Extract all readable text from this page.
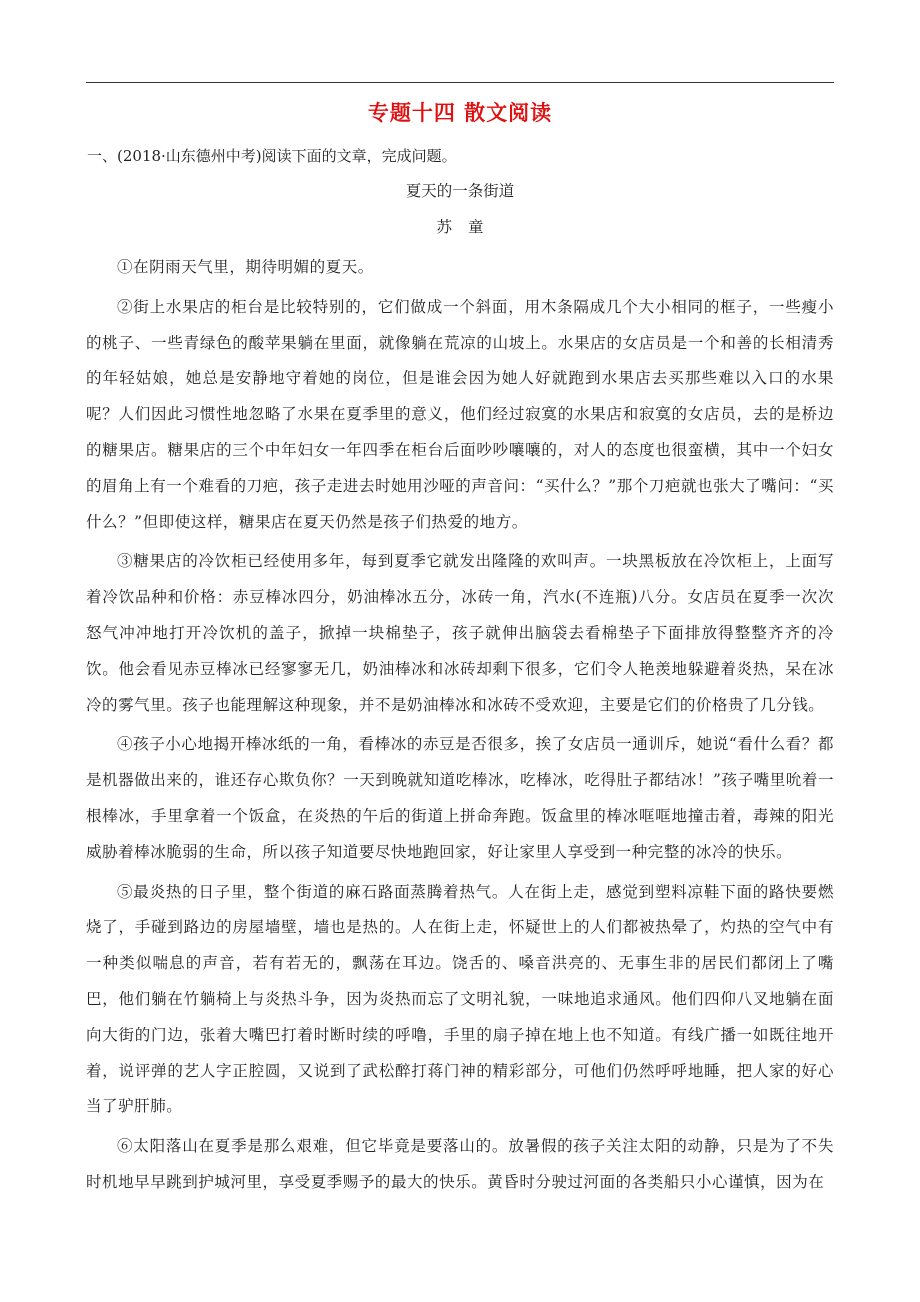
专题十四 散文阅读
一、(2018·山东德州中考)阅读下面的文章，完成问题。
夏天的一条街道
苏童

①在阴雨天气里，期待明媚的夏天。

②街上水果店的柜台是比较特别的，它们做成一个斜面，用木条隔成几个大小相同的框子，一些瘦小的桃子、一些青绿色的酸苹果躺在里面，就像躺在荒凉的山坡上。水果店的女店员是一个和善的长相清秀的年轻姑娘，她总是安静地守着她的岗位，但是谁会因为她人好就跑到水果店去买那些难以入口的水果呢？人们因此习惯性地忽略了水果在夏季里的意义，他们经过寂寞的水果店和寂寞的女店员，去的是桥边的糖果店。糖果店的三个中年妇女一年四季在柜台后面吵吵嚷嚷的，对人的态度也很蛮横，其中一个妇女的眉角上有一个难看的刀疤，孩子走进去时她用沙哑的声音问：“买什么？”那个刀疤就也张大了嘴问：“买什么？”但即使这样，糖果店在夏天仍然是孩子们热爱的地方。

③糖果店的冷饮柜已经使用多年，每到夏季它就发出隆隆的欢叫声。一块黑板放在冷饮柜上，上面写着冷饮品种和价格：赤豆棒冰四分，奶油棒冰五分，冰砖一角，汽水(不连瓶)八分。女店员在夏季一次次怒气冲冲地打开冷饮机的盖子，掀掉一块棉垫子，孩子就伸出脑袋去看棉垫子下面排放得整整齐齐的冷饮。他会看见赤豆棒冰已经寥寥无几，奶油棒冰和冰砖却剩下很多，它们令人艳羡地躲避着炎热，呆在冰冷的雾气里。孩子也能理解这种现象，并不是奶油棒冰和冰砖不受欢迎，主要是它们的价格贵了几分钱。

④孩子小心地揭开棒冰纸的一角，看棒冰的赤豆是否很多，挨了女店员一通训斥，她说“看什么看？都是机器做出来的，谁还存心欺负你？一天到晚就知道吃棒冰，吃棒冰，吃得肚子都结冰！”孩子嘴里吮着一根棒冰，手里拿着一个饭盒，在炎热的午后的街道上拼命奔跑。饭盒里的棒冰哐哐地撞击着，毒辣的阳光威胁着棒冰脆弱的生命，所以孩子知道要尽快地跑回家，好让家里人享受到一种完整的冰冷的快乐。

⑤最炎热的日子里，整个街道的麻石路面蒸腾着热气。人在街上走，感觉到塑料凉鞋下面的路快要燃烧了，手碰到路边的房屋墙壁，墙也是热的。人在街上走，怀疑世上的人们都被热晕了，灼热的空气中有一种类似喘息的声音，若有若无的，飘荡在耳边。饶舌的、嗓音洪亮的、无事生非的居民们都闭上了嘴巴，他们躺在竹躺椅上与炎热斗争，因为炎热而忘了文明礼貌，一味地追求通风。他们四仰八叉地躺在面向大街的门边，张着大嘴巴打着时断时续的呼噜，手里的扇子掉在地上也不知道。有线广播一如既往地开着，说评弹的艺人字正腔圆，又说到了武松醉打蒋门神的精彩部分，可他们仍然呼呼地睡，把人家的好心当了驴肝肺。

⑥太阳落山在夏季是那么艰难，但它毕竟是要落山的。放暑假的孩子关注太阳的动静，只是为了不失时机地早早跳到护城河里，享受夏季赐予的最大的快乐。黄昏时分驶过河面的各类船只小心谨慎，因为在
